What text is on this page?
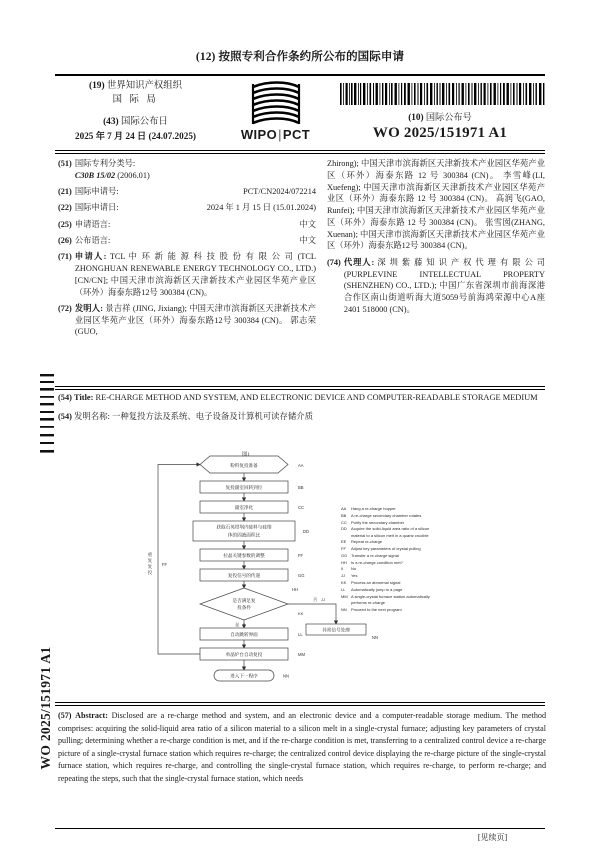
(12) 按照专利合作条约所公布的国际申请
(19) 世界知识产权组织
国 际 局
(43) 国际公布日
2025 年 7 月 24 日 (24.07.2025)	WIPO|PCT
(10) 国际公布号
WO 2025/151971 A1
(51) 国际专利分类号:
C30B 15/02 (2006.01)
(21) 国际申请号:	PCT/CN2024/072214
(22) 国际申请日:	2024 年 1 月 15 日 (15.01.2024)
(25) 申请语言:	中文
(26) 公布语言:	中文
(71) 申请人: TCL 中 环 新 能 源 科 技 股 份 有 限 公 司 (TCL ZHONGHUAN RENEWABLE ENERGY TECHNOLOGY CO., LTD.) [CN/CN]; 中国天津市滨海新区天津新技术产业园区华苑产业区（环外）海泰东路12号 300384 (CN)。
(72) 发明人: 景吉祥 (JING, Jixiang); 中国天津市滨海新区天津新技术产业园区华苑产业区（环外）海泰东路12号 300384 (CN)。 郭志荣(GUO,
Zhirong); 中国天津市滨海新区天津新技术产业园区华苑产业区（环外）海泰东路 12 号 300384 (CN)。 李雪峰(LI, Xuefeng); 中国天津市滨海新区天津新技术产业园区华苑产业区（环外）海泰东路 12 号 300384 (CN)。 高润飞(GAO, Runfei); 中国天津市滨海新区天津新技术产业园区华苑产业区（环外）海泰东路 12 号 300384 (CN)。 张雪囡(ZHANG, Xuenan); 中国天津市滨海新区天津新技术产业园区华苑产业区（环外）海泰东路12号 300384 (CN)。
(74) 代理人: 深 圳 紫 藤 知 识 产 权 代 理 有 限 公 司 (PURPLEVINE INTELLECTUAL PROPERTY (SHENZHEN) CO., LTD.); 中国广东省深圳市前海深港合作区南山街道听海大道5059号前海鸿荣源中心A座2401 518000 (CN)。
(54) Title: RE-CHARGE METHOD AND SYSTEM, AND ELECTRONIC DEVICE AND COMPUTER-READABLE STORAGE MEDIUM
(54) 发明名称: 一种复投方法及系统、电子设备及计算机可读存储介质
图1
粉料复投准备	AA
复投副室回转到位	BB
副室净化	CC
获取石英坩埚内硅料与硅熔
体的固液面积比
DD
拉晶关键参数的调整	FF
复投信号的传递	GG
是否满足复
投条件
HH
否 JJ
KK
异常信号处理
NN
是 II
自动跳转界面	LL
单晶炉台自动复投	MM
进入下一程序	NN
重复复投
FF
AA	Hang a re-charge hopper
BB	A re-charge secondary chamber rotates
CC	Purify the secondary chamber
DD	Acquire the solid-liquid area ratio of a silicon material to a silicon melt in a quartz crucible
EE	Repeat re-charge
FF	Adjust key parameters of crystal pulling
GG Transfer a re-charge signal
HH	Is a re-charge condition met?
II	No
JJ	Yes
KK	Process an abnormal signal
LL	Automatically jump to a page
MM A single-crystal furnace station automatically performs re-charge
NN	Proceed to the next program
(57) Abstract: Disclosed are a re-charge method and system, and an electronic device and a computer-readable storage medium. The method comprises: acquiring the solid-liquid area ratio of a silicon material to a silicon melt in a single-crystal furnace; adjusting key parameters of crystal pulling; determining whether a re-charge condition is met, and if the re-charge condition is met, transferring to a centralized control device a re-charge picture of a single-crystal furnace station which requires re-charge; the centralized control device displaying the re-charge picture of the single-crystal furnace station, which requires re-charge, and controlling the single-crystal furnace station, which requires re-charge, to perform re-charge; and repeating the steps, such that the single-crystal furnace station, which needs
[见续页]
WO 2025/151971 A1
